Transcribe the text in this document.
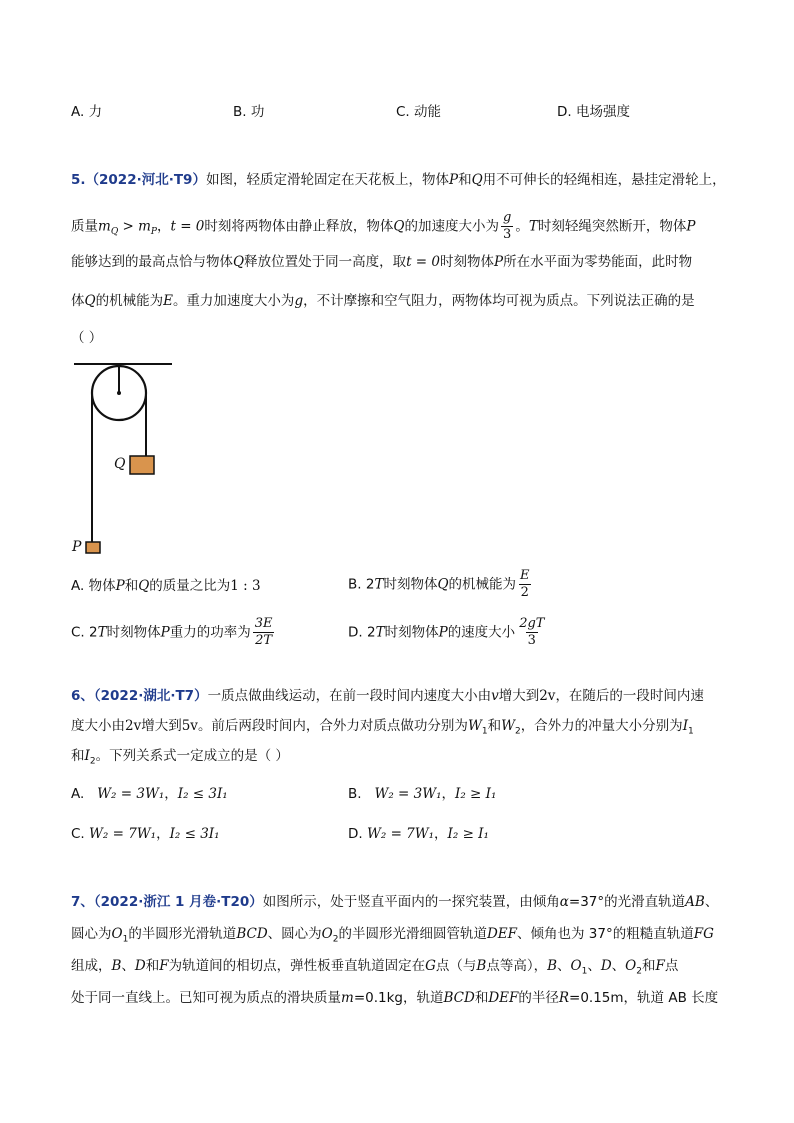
A. 力	B. 功	C. 动能	D. 电场强度
5.（2022·河北·T9）如图，轻质定滑轮固定在天花板上，物体P和Q用不可伸长的轻绳相连，悬挂定滑轮上，
质量$m_Q > m_P$，t = 0时刻将两物体由静止释放，物体Q的加速度大小为 $\frac{g}{3}$ 。T时刻轻绳突然断开，物体P
能够达到的最高点恰与物体Q释放位置处于同一高度，取t = 0时刻物体P所在水平面为零势能面，此时物
体Q的机械能为E。重力加速度大小为g，不计摩擦和空气阻力，两物体均可视为质点。下列说法正确的是
（ ）
Q
P
A. 物体P和Q的质量之比为1 : 3	B. 2T时刻物体Q的机械能为 $\frac{E}{2}$
C. 2T时刻物体P重力的功率为 $\frac{3E}{2T}$	D. 2T时刻物体P的速度大小 $\frac{2gT}{3}$
6、（2022·湖北·T7）一质点做曲线运动，在前一段时间内速度大小由v增大到2v，在随后的一段时间内速
度大小由2v增大到5v。前后两段时间内，合外力对质点做功分别为$W_1$和$W_2$，合外力的冲量大小分别为$I_1$
和$I_2$。下列关系式一定成立的是（ ）
A. W₂ = 3W₁，I₂ ≤ 3I₁	B. W₂ = 3W₁，I₂ ≥ I₁
C. W₂ = 7W₁，I₂ ≤ 3I₁	D. W₂ = 7W₁，I₂ ≥ I₁
7、（2022·浙江 1 月卷·T20）如图所示，处于竖直平面内的一探究装置，由倾角α=37°的光滑直轨道AB、
圆心为$O_1$的半圆形光滑轨道BCD、圆心为$O_2$的半圆形光滑细圆管轨道DEF、倾角也为 37°的粗糙直轨道FG
组成，B、D和F为轨道间的相切点，弹性板垂直轨道固定在G点（与B点等高），B、$O_1$、D、$O_2$和F点
处于同一直线上。已知可视为质点的滑块质量m=0.1kg，轨道BCD和DEF的半径R=0.15m，轨道 AB 长度
